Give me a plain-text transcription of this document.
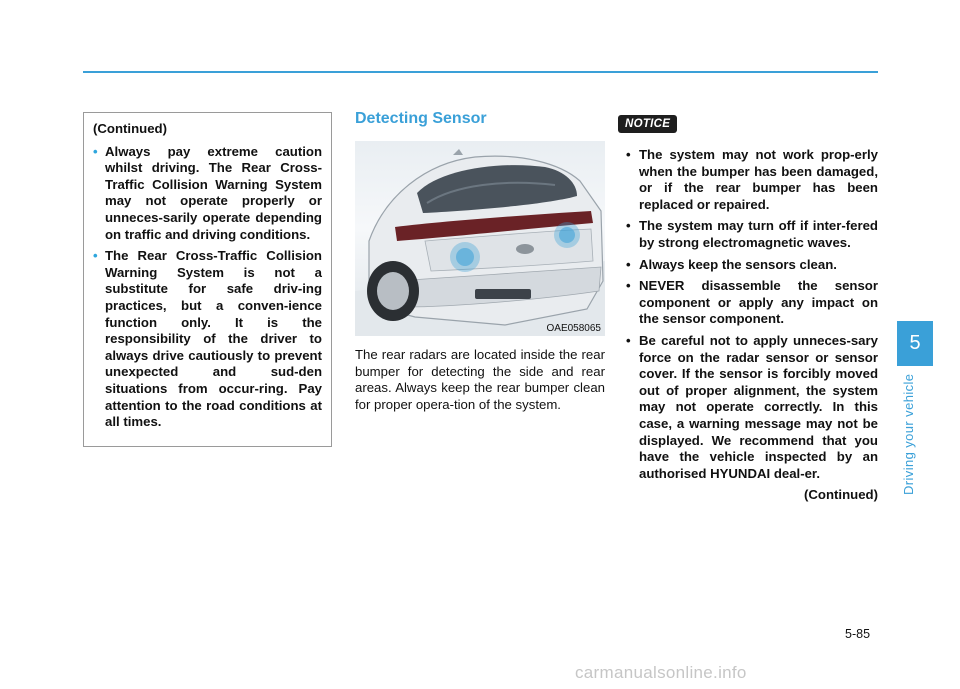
(Continued)
• Always pay extreme caution whilst driving. The Rear Cross-Traffic Collision Warning System may not operate properly or unneces-sarily operate depending on traffic and driving conditions.
• The Rear Cross-Traffic Collision Warning System is not a substitute for safe driv-ing practices, but a conven-ience function only. It is the responsibility of the driver to always drive cautiously to prevent unexpected and sud-den situations from occur-ring. Pay attention to the road conditions at all times.
Detecting Sensor
OAE058065
The rear radars are located inside the rear bumper for detecting the side and rear areas. Always keep the rear bumper clean for proper opera-tion of the system.
NOTICE
• The system may not work prop-erly when the bumper has been damaged, or if the rear bumper has been replaced or repaired.
• The system may turn off if inter-fered by strong electromagnetic waves.
• Always keep the sensors clean.
• NEVER disassemble the sensor component or apply any impact on the sensor component.
• Be careful not to apply unneces-sary force on the radar sensor or sensor cover. If the sensor is forcibly moved out of proper alignment, the system may not operate correctly. In this case, a warning message may not be displayed. We recommend that you have the vehicle inspected by an authorised HYUNDAI deal-er.
(Continued)
5
Driving your vehicle
5-85
carmanualsonline.info
